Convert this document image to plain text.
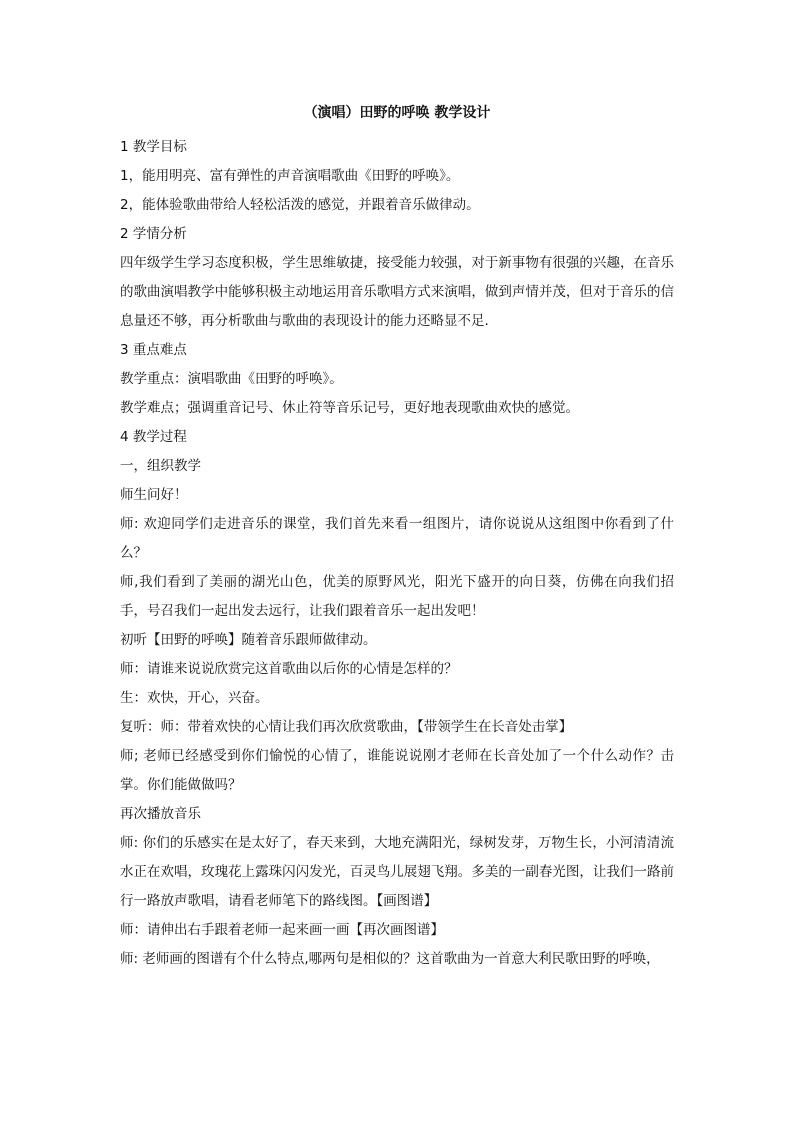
（演唱）田野的呼唤 教学设计

1 教学目标

1，能用明亮、富有弹性的声音演唱歌曲《田野的呼唤》。

2，能体验歌曲带给人轻松活泼的感觉，并跟着音乐做律动。

2 学情分析

四年级学生学习态度积极，学生思维敏捷，接受能力较强，对于新事物有很强的兴趣，在音乐的歌曲演唱教学中能够积极主动地运用音乐歌唱方式来演唱，做到声情并茂，但对于音乐的信息量还不够，再分析歌曲与歌曲的表现设计的能力还略显不足.

3 重点难点

教学重点：演唱歌曲《田野的呼唤》。

教学难点；强调重音记号、休止符等音乐记号，更好地表现歌曲欢快的感觉。

4 教学过程

一，组织教学

师生问好！

师: 欢迎同学们走进音乐的课堂，我们首先来看一组图片，请你说说从这组图中你看到了什么？

师,我们看到了美丽的湖光山色，优美的原野风光，阳光下盛开的向日葵，仿佛在向我们招手，号召我们一起出发去远行，让我们跟着音乐一起出发吧！

初听【田野的呼唤】随着音乐跟师做律动。

师：请谁来说说欣赏完这首歌曲以后你的心情是怎样的？

生：欢快，开心，兴奋。

复听：师：带着欢快的心情让我们再次欣赏歌曲，【带领学生在长音处击掌】

师; 老师已经感受到你们愉悦的心情了，谁能说说刚才老师在长音处加了一个什么动作？击掌。你们能做做吗？

再次播放音乐

师: 你们的乐感实在是太好了，春天来到，大地充满阳光，绿树发芽，万物生长，小河清清流水正在欢唱，玫瑰花上露珠闪闪发光，百灵鸟儿展翅飞翔。多美的一副春光图，让我们一路前行一路放声歌唱，请看老师笔下的路线图。【画图谱】

师：请伸出右手跟着老师一起来画一画【再次画图谱】

师: 老师画的图谱有个什么特点,哪两句是相似的？这首歌曲为一首意大利民歌田野的呼唤，
